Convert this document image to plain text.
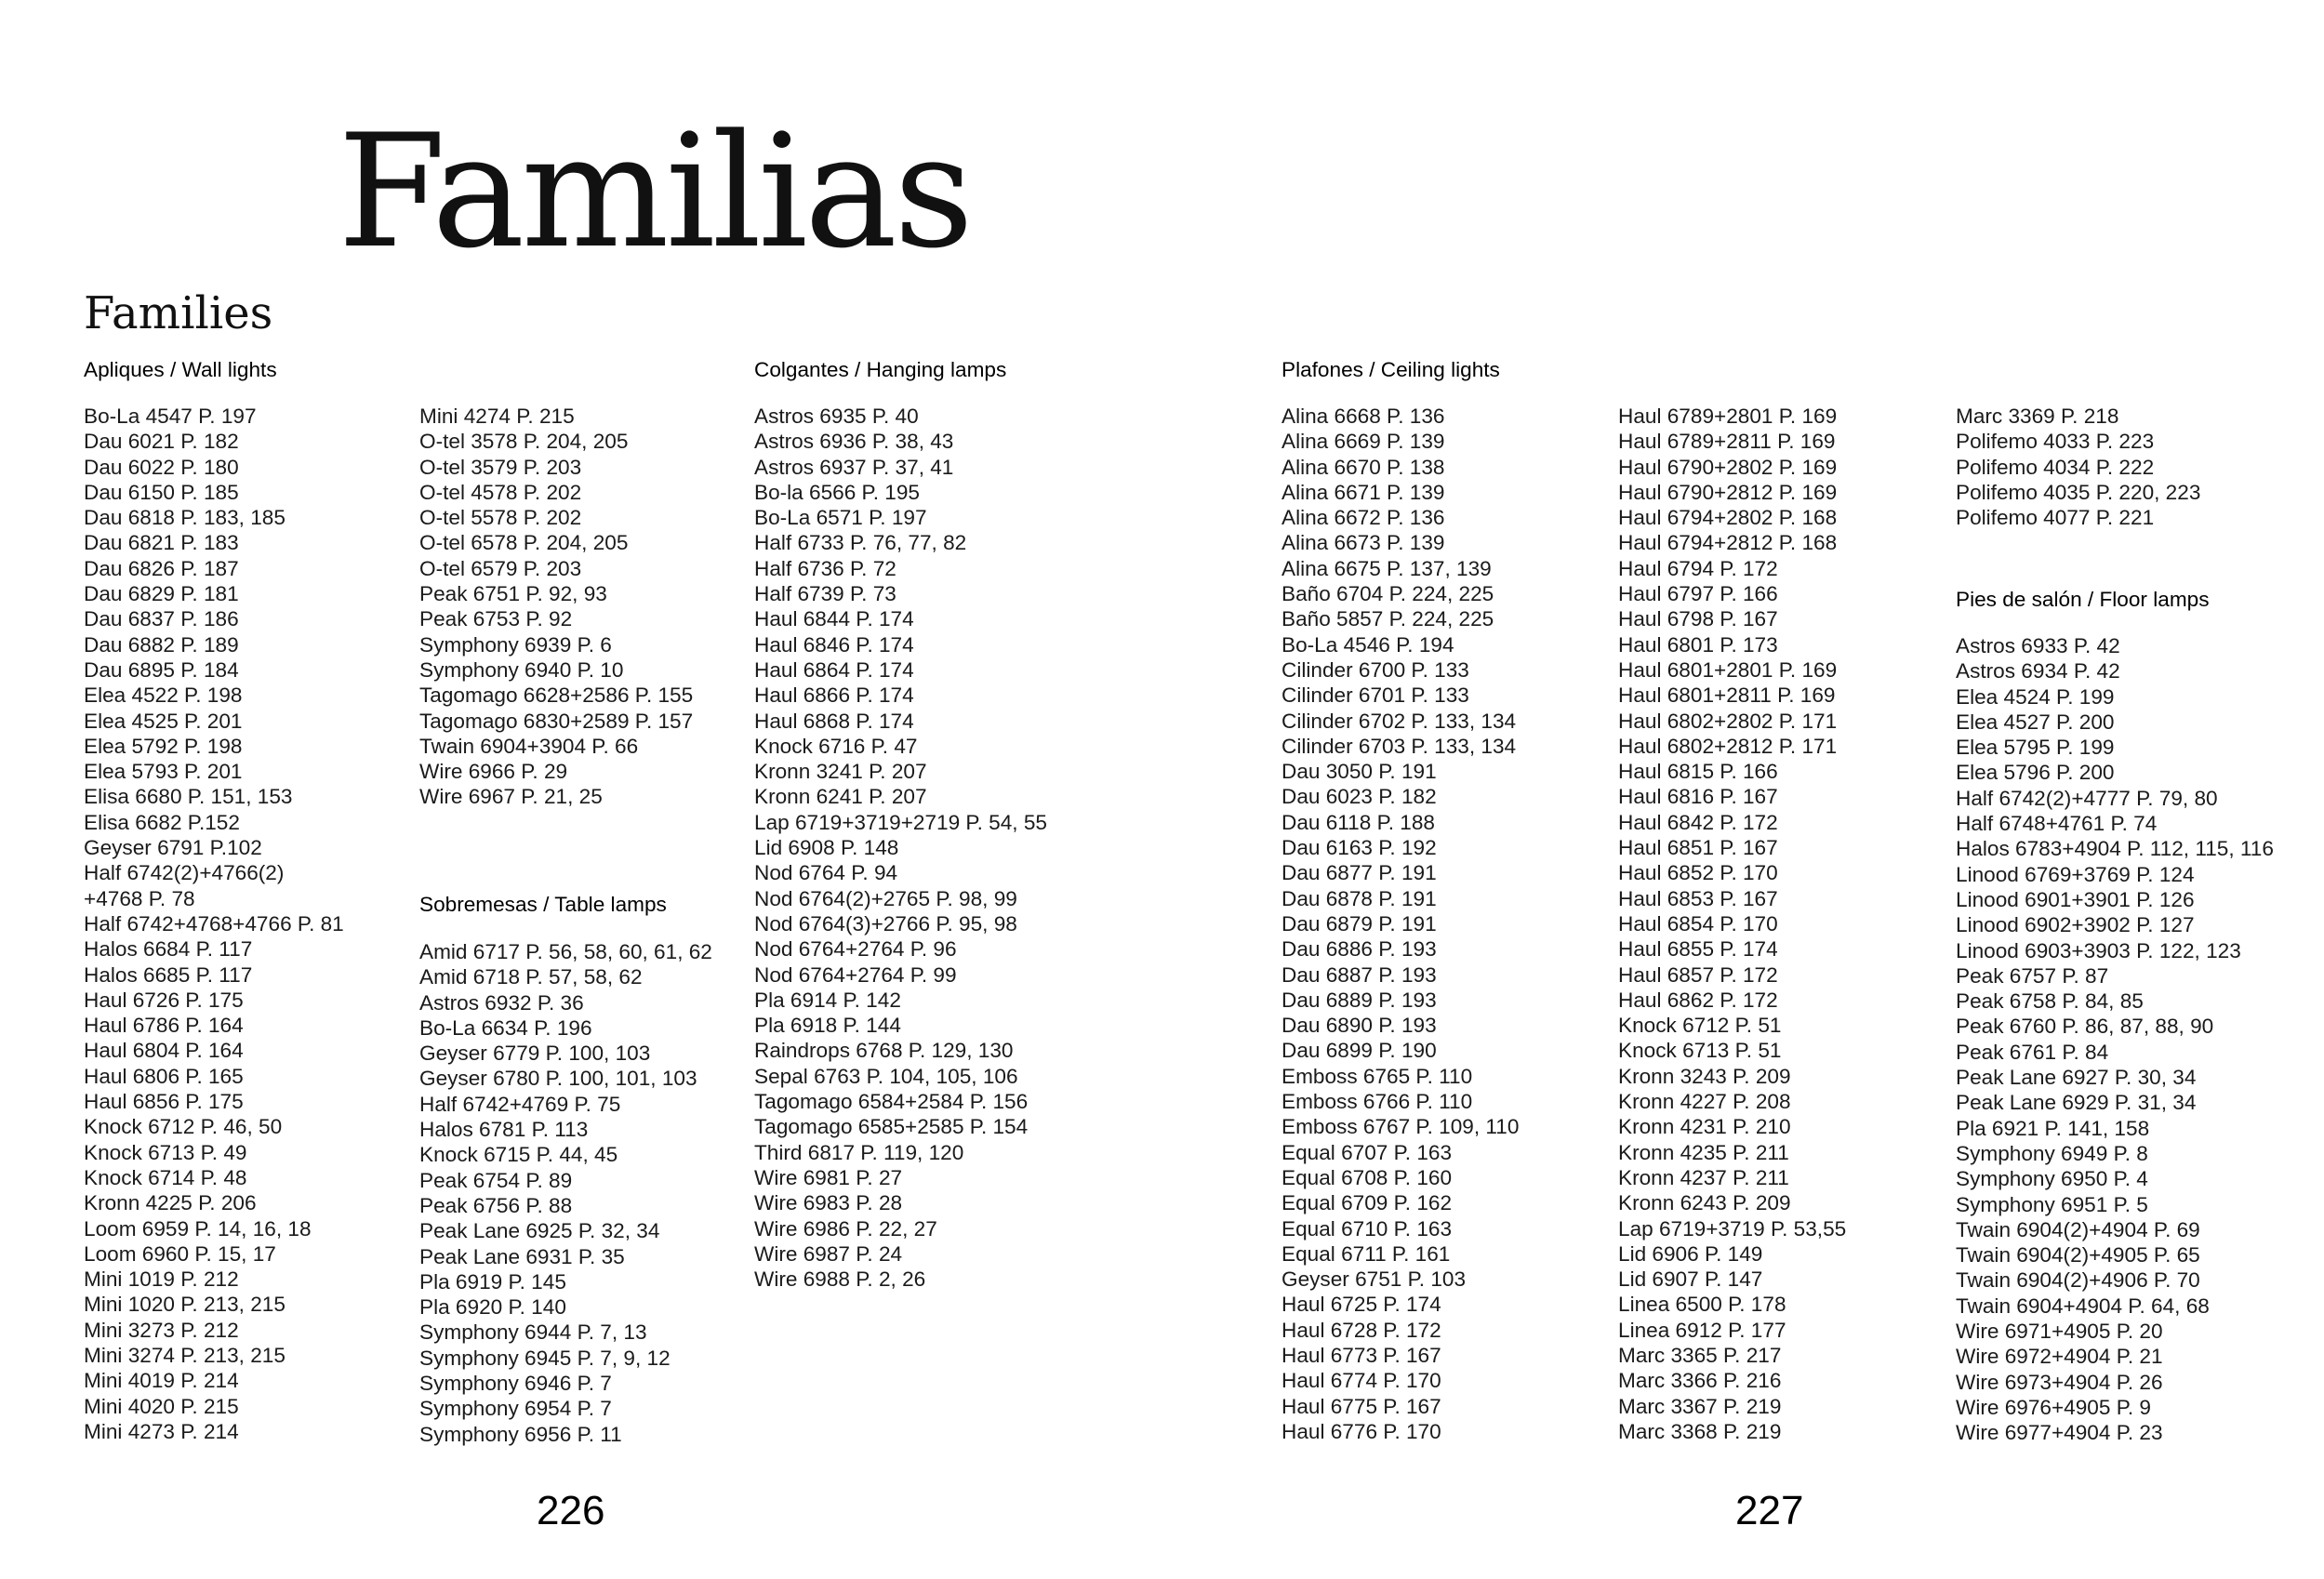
Familias
Families
Apliques / Wall lights	Colgantes / Hanging lamps	Plafones / Ceiling lights
Sobremesas / Table lamps
Pies de salón / Floor lamps
Bo-La 4547 P. 197
Dau 6021 P. 182
Dau 6022 P. 180
Dau 6150 P. 185
Dau 6818 P. 183, 185
Dau 6821 P. 183
Dau 6826 P. 187
Dau 6829 P. 181
Dau 6837 P. 186
Dau 6882 P. 189
Dau 6895 P. 184
Elea 4522 P. 198
Elea 4525 P. 201
Elea 5792 P. 198
Elea 5793 P. 201
Elisa 6680 P. 151, 153
Elisa 6682 P.152
Geyser 6791 P.102
Half 6742(2)+4766(2)
+4768 P. 78
Half 6742+4768+4766 P. 81
Halos 6684 P. 117
Halos 6685 P. 117
Haul 6726 P. 175
Haul 6786 P. 164
Haul 6804 P. 164
Haul 6806 P. 165
Haul 6856 P. 175
Knock 6712 P. 46, 50
Knock 6713 P. 49
Knock 6714 P. 48
Kronn 4225 P. 206
Loom 6959 P. 14, 16, 18
Loom 6960 P. 15, 17
Mini 1019 P. 212
Mini 1020 P. 213, 215
Mini 3273 P. 212
Mini 3274 P. 213, 215
Mini 4019 P. 214
Mini 4020 P. 215
Mini 4273 P. 214
Mini 4274 P. 215
O-tel 3578 P. 204, 205
O-tel 3579 P. 203
O-tel 4578 P. 202
O-tel 5578 P. 202
O-tel 6578 P. 204, 205
O-tel 6579 P. 203
Peak 6751 P. 92, 93
Peak 6753 P. 92
Symphony 6939 P. 6
Symphony 6940 P. 10
Tagomago 6628+2586 P. 155
Tagomago 6830+2589 P. 157
Twain 6904+3904 P. 66
Wire 6966 P. 29
Wire 6967 P. 21, 25
Amid 6717 P. 56, 58, 60, 61, 62
Amid 6718 P. 57, 58, 62
Astros 6932 P. 36
Bo-La 6634 P. 196
Geyser 6779 P. 100, 103
Geyser 6780 P. 100, 101, 103
Half 6742+4769 P. 75
Halos 6781 P. 113
Knock 6715 P. 44, 45
Peak 6754 P. 89
Peak 6756 P. 88
Peak Lane 6925 P. 32, 34
Peak Lane 6931 P. 35
Pla 6919 P. 145
Pla 6920 P. 140
Symphony 6944 P. 7, 13
Symphony 6945 P. 7, 9, 12
Symphony 6946 P. 7
Symphony 6954 P. 7
Symphony 6956 P. 11
Astros 6935 P. 40
Astros 6936 P. 38, 43
Astros 6937 P. 37, 41
Bo-la 6566 P. 195
Bo-La 6571 P. 197
Half 6733 P. 76, 77, 82
Half 6736 P. 72
Half 6739 P. 73
Haul 6844 P. 174
Haul 6846 P. 174
Haul 6864 P. 174
Haul 6866 P. 174
Haul 6868 P. 174
Knock 6716 P. 47
Kronn 3241 P. 207
Kronn 6241 P. 207
Lap 6719+3719+2719 P. 54, 55
Lid 6908 P. 148
Nod 6764 P. 94
Nod 6764(2)+2765 P. 98, 99
Nod 6764(3)+2766 P. 95, 98
Nod 6764+2764 P. 96
Nod 6764+2764 P. 99
Pla 6914 P. 142
Pla 6918 P. 144
Raindrops 6768 P. 129, 130
Sepal 6763 P. 104, 105, 106
Tagomago 6584+2584 P. 156
Tagomago 6585+2585 P. 154
Third 6817 P. 119, 120
Wire 6981 P. 27
Wire 6983 P. 28
Wire 6986 P. 22, 27
Wire 6987 P. 24
Wire 6988 P. 2, 26
Alina 6668 P. 136
Alina 6669 P. 139
Alina 6670 P. 138
Alina 6671 P. 139
Alina 6672 P. 136
Alina 6673 P. 139
Alina 6675 P. 137, 139
Baño 6704 P. 224, 225
Baño 5857 P. 224, 225
Bo-La 4546 P. 194
Cilinder 6700 P. 133
Cilinder 6701 P. 133
Cilinder 6702 P. 133, 134
Cilinder 6703 P. 133, 134
Dau 3050 P. 191
Dau 6023 P. 182
Dau 6118 P. 188
Dau 6163 P. 192
Dau 6877 P. 191
Dau 6878 P. 191
Dau 6879 P. 191
Dau 6886 P. 193
Dau 6887 P. 193
Dau 6889 P. 193
Dau 6890 P. 193
Dau 6899 P. 190
Emboss 6765 P. 110
Emboss 6766 P. 110
Emboss 6767 P. 109, 110
Equal 6707 P. 163
Equal 6708 P. 160
Equal 6709 P. 162
Equal 6710 P. 163
Equal 6711 P. 161
Geyser 6751 P. 103
Haul 6725 P. 174
Haul 6728 P. 172
Haul 6773 P. 167
Haul 6774 P. 170
Haul 6775 P. 167
Haul 6776 P. 170
Haul 6789+2801 P. 169
Haul 6789+2811 P. 169
Haul 6790+2802 P. 169
Haul 6790+2812 P. 169
Haul 6794+2802 P. 168
Haul 6794+2812 P. 168
Haul 6794 P. 172
Haul 6797 P. 166
Haul 6798 P. 167
Haul 6801 P. 173
Haul 6801+2801 P. 169
Haul 6801+2811 P. 169
Haul 6802+2802 P. 171
Haul 6802+2812 P. 171
Haul 6815 P. 166
Haul 6816 P. 167
Haul 6842 P. 172
Haul 6851 P. 167
Haul 6852 P. 170
Haul 6853 P. 167
Haul 6854 P. 170
Haul 6855 P. 174
Haul 6857 P. 172
Haul 6862 P. 172
Knock 6712 P. 51
Knock 6713 P. 51
Kronn 3243 P. 209
Kronn 4227 P. 208
Kronn 4231 P. 210
Kronn 4235 P. 211
Kronn 4237 P. 211
Kronn 6243 P. 209
Lap 6719+3719 P. 53,55
Lid 6906 P. 149
Lid 6907 P. 147
Linea 6500 P. 178
Linea 6912 P. 177
Marc 3365 P. 217
Marc 3366 P. 216
Marc 3367 P. 219
Marc 3368 P. 219
Marc 3369 P. 218
Polifemo 4033 P. 223
Polifemo 4034 P. 222
Polifemo 4035 P. 220, 223
Polifemo 4077 P. 221
Astros 6933 P. 42
Astros 6934 P. 42
Elea 4524 P. 199
Elea 4527 P. 200
Elea 5795 P. 199
Elea 5796 P. 200
Half 6742(2)+4777 P. 79, 80
Half 6748+4761 P. 74
Halos 6783+4904 P. 112, 115, 116
Linood 6769+3769 P. 124
Linood 6901+3901 P. 126
Linood 6902+3902 P. 127
Linood 6903+3903 P. 122, 123
Peak 6757 P. 87
Peak 6758 P. 84, 85
Peak 6760 P. 86, 87, 88, 90
Peak 6761 P. 84
Peak Lane 6927 P. 30, 34
Peak Lane 6929 P. 31, 34
Pla 6921 P. 141, 158
Symphony 6949 P. 8
Symphony 6950 P. 4
Symphony 6951 P. 5
Twain 6904(2)+4904 P. 69
Twain 6904(2)+4905 P. 65
Twain 6904(2)+4906 P. 70
Twain 6904+4904 P. 64, 68
Wire 6971+4905 P. 20
Wire 6972+4904 P. 21
Wire 6973+4904 P. 26
Wire 6976+4905 P. 9
Wire 6977+4904 P. 23
226	227
